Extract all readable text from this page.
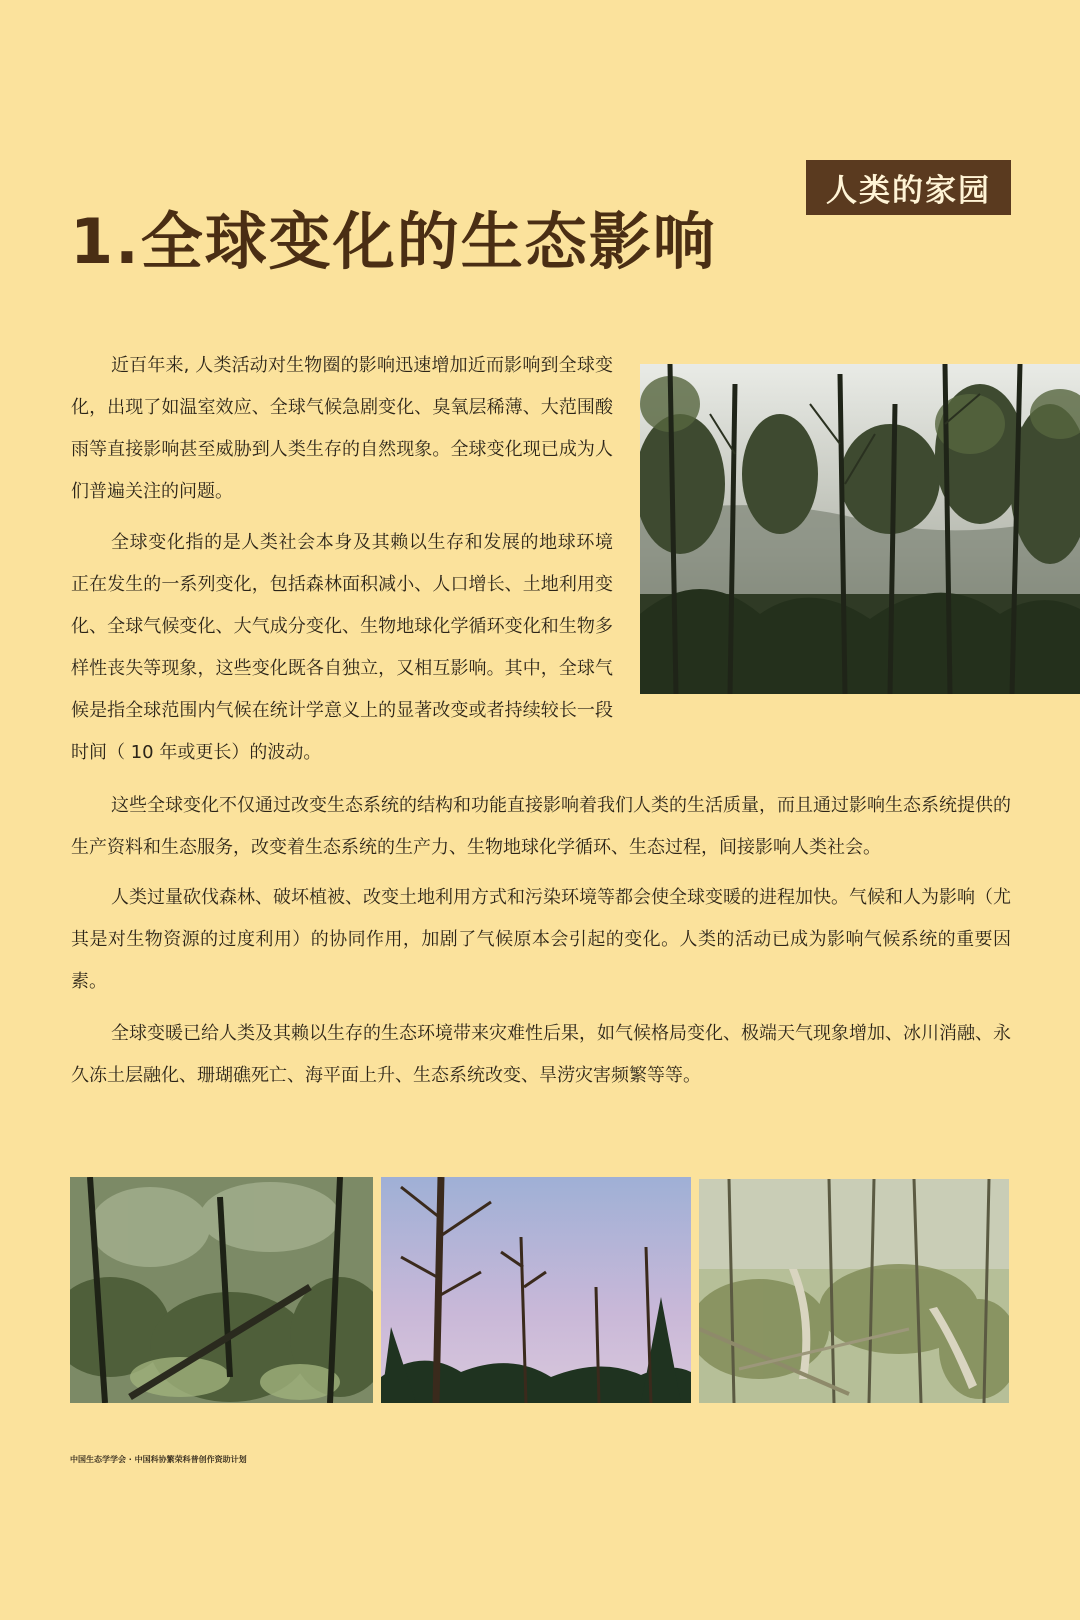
人类的家园
1.全球变化的生态影响

近百年来, 人类活动对生物圈的影响迅速增加近而影响到全球变化，出现了如温室效应、全球气候急剧变化、臭氧层稀薄、大范围酸雨等直接影响甚至威胁到人类生存的自然现象。全球变化现已成为人们普遍关注的问题。

全球变化指的是人类社会本身及其赖以生存和发展的地球环境正在发生的一系列变化，包括森林面积减小、人口增长、土地利用变化、全球气候变化、大气成分变化、生物地球化学循环变化和生物多样性丧失等现象，这些变化既各自独立，又相互影响。其中，全球气候是指全球范围内气候在统计学意义上的显著改变或者持续较长一段时间（ 10 年或更长）的波动。

这些全球变化不仅通过改变生态系统的结构和功能直接影响着我们人类的生活质量，而且通过影响生态系统提供的生产资料和生态服务，改变着生态系统的生产力、生物地球化学循环、生态过程，间接影响人类社会。

人类过量砍伐森林、破坏植被、改变土地利用方式和污染环境等都会使全球变暖的进程加快。气候和人为影响（尤其是对生物资源的过度利用）的协同作用，加剧了气候原本会引起的变化。人类的活动已成为影响气候系统的重要因素。

全球变暖已给人类及其赖以生存的生态环境带来灾难性后果，如气候格局变化、极端天气现象增加、冰川消融、永久冻土层融化、珊瑚礁死亡、海平面上升、生态系统改变、旱涝灾害频繁等等。

中国生态学学会 · 中国科协繁荣科普创作资助计划
